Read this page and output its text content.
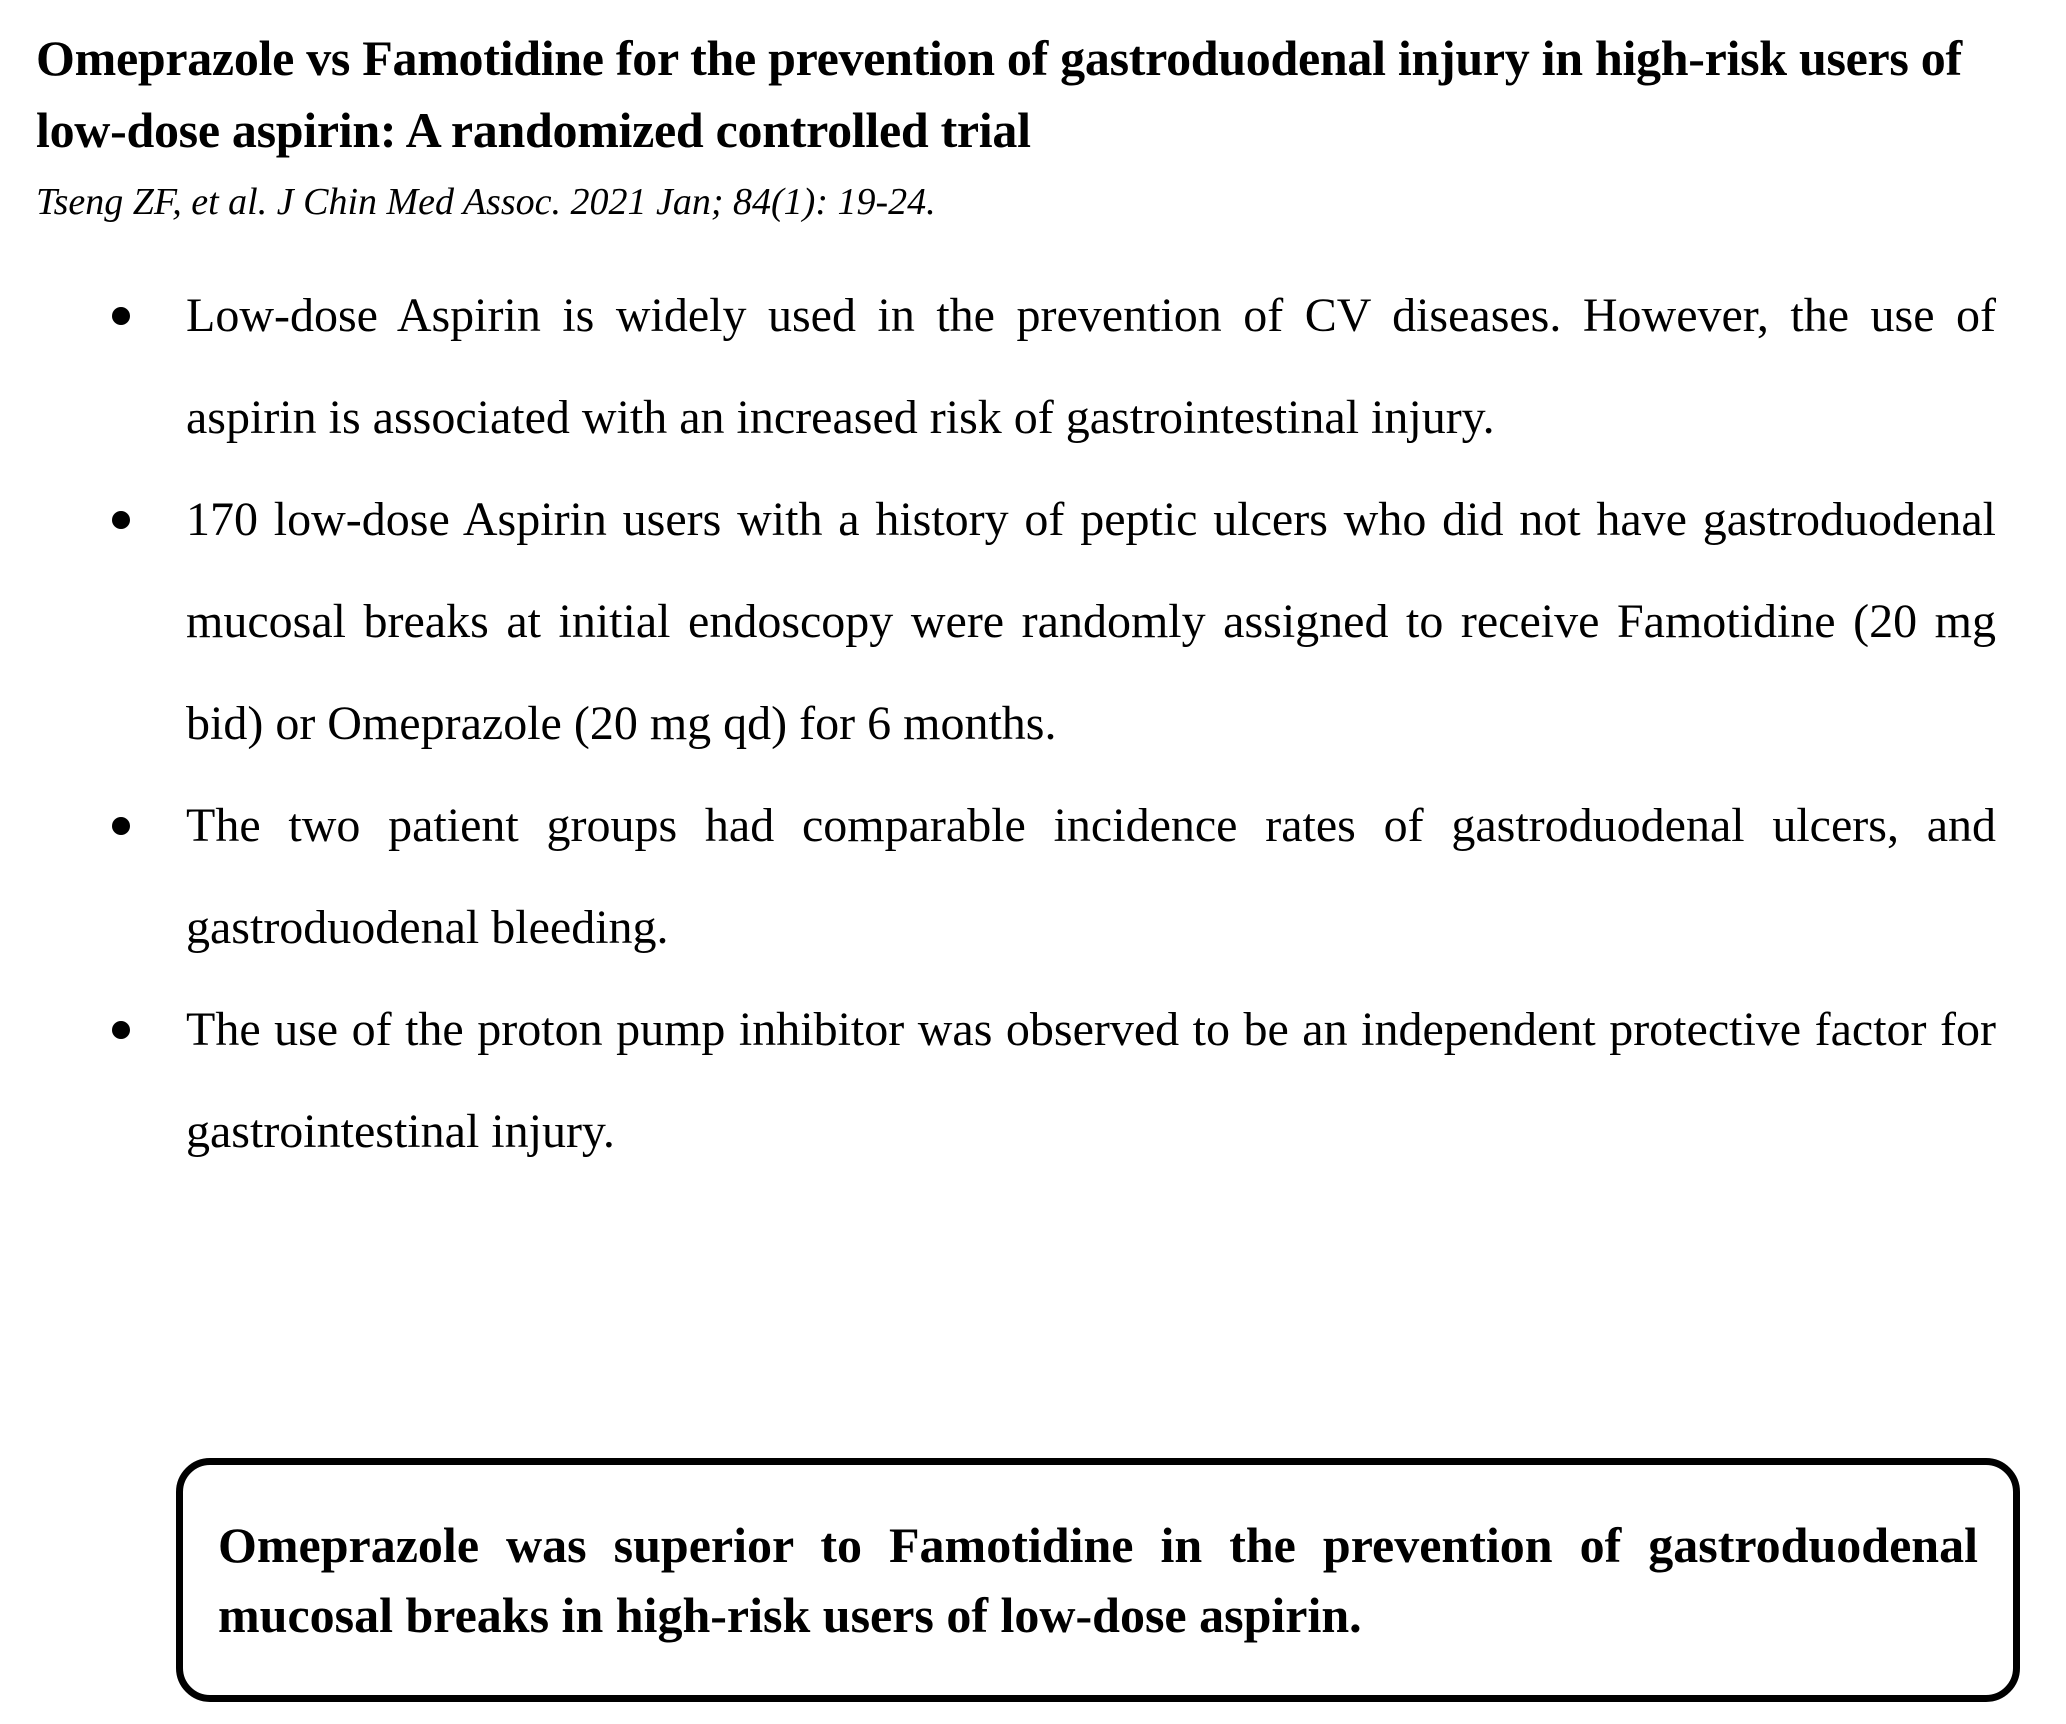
Omeprazole vs Famotidine for the prevention of gastroduodenal injury in high-risk users of low-dose aspirin: A randomized controlled trial

Tseng ZF, et al. J Chin Med Assoc. 2021 Jan; 84(1): 19-24.

Low-dose Aspirin is widely used in the prevention of CV diseases. However, the use of aspirin is associated with an increased risk of gastrointestinal injury.
170 low-dose Aspirin users with a history of peptic ulcers who did not have gastroduodenal mucosal breaks at initial endoscopy were randomly assigned to receive Famotidine (20 mg bid) or Omeprazole (20 mg qd) for 6 months.
The two patient groups had comparable incidence rates of gastroduodenal ulcers, and gastroduodenal bleeding.
The use of the proton pump inhibitor was observed to be an independent protective factor for gastrointestinal injury.

Omeprazole was superior to Famotidine in the prevention of gastroduodenal mucosal breaks in high-risk users of low-dose aspirin.
